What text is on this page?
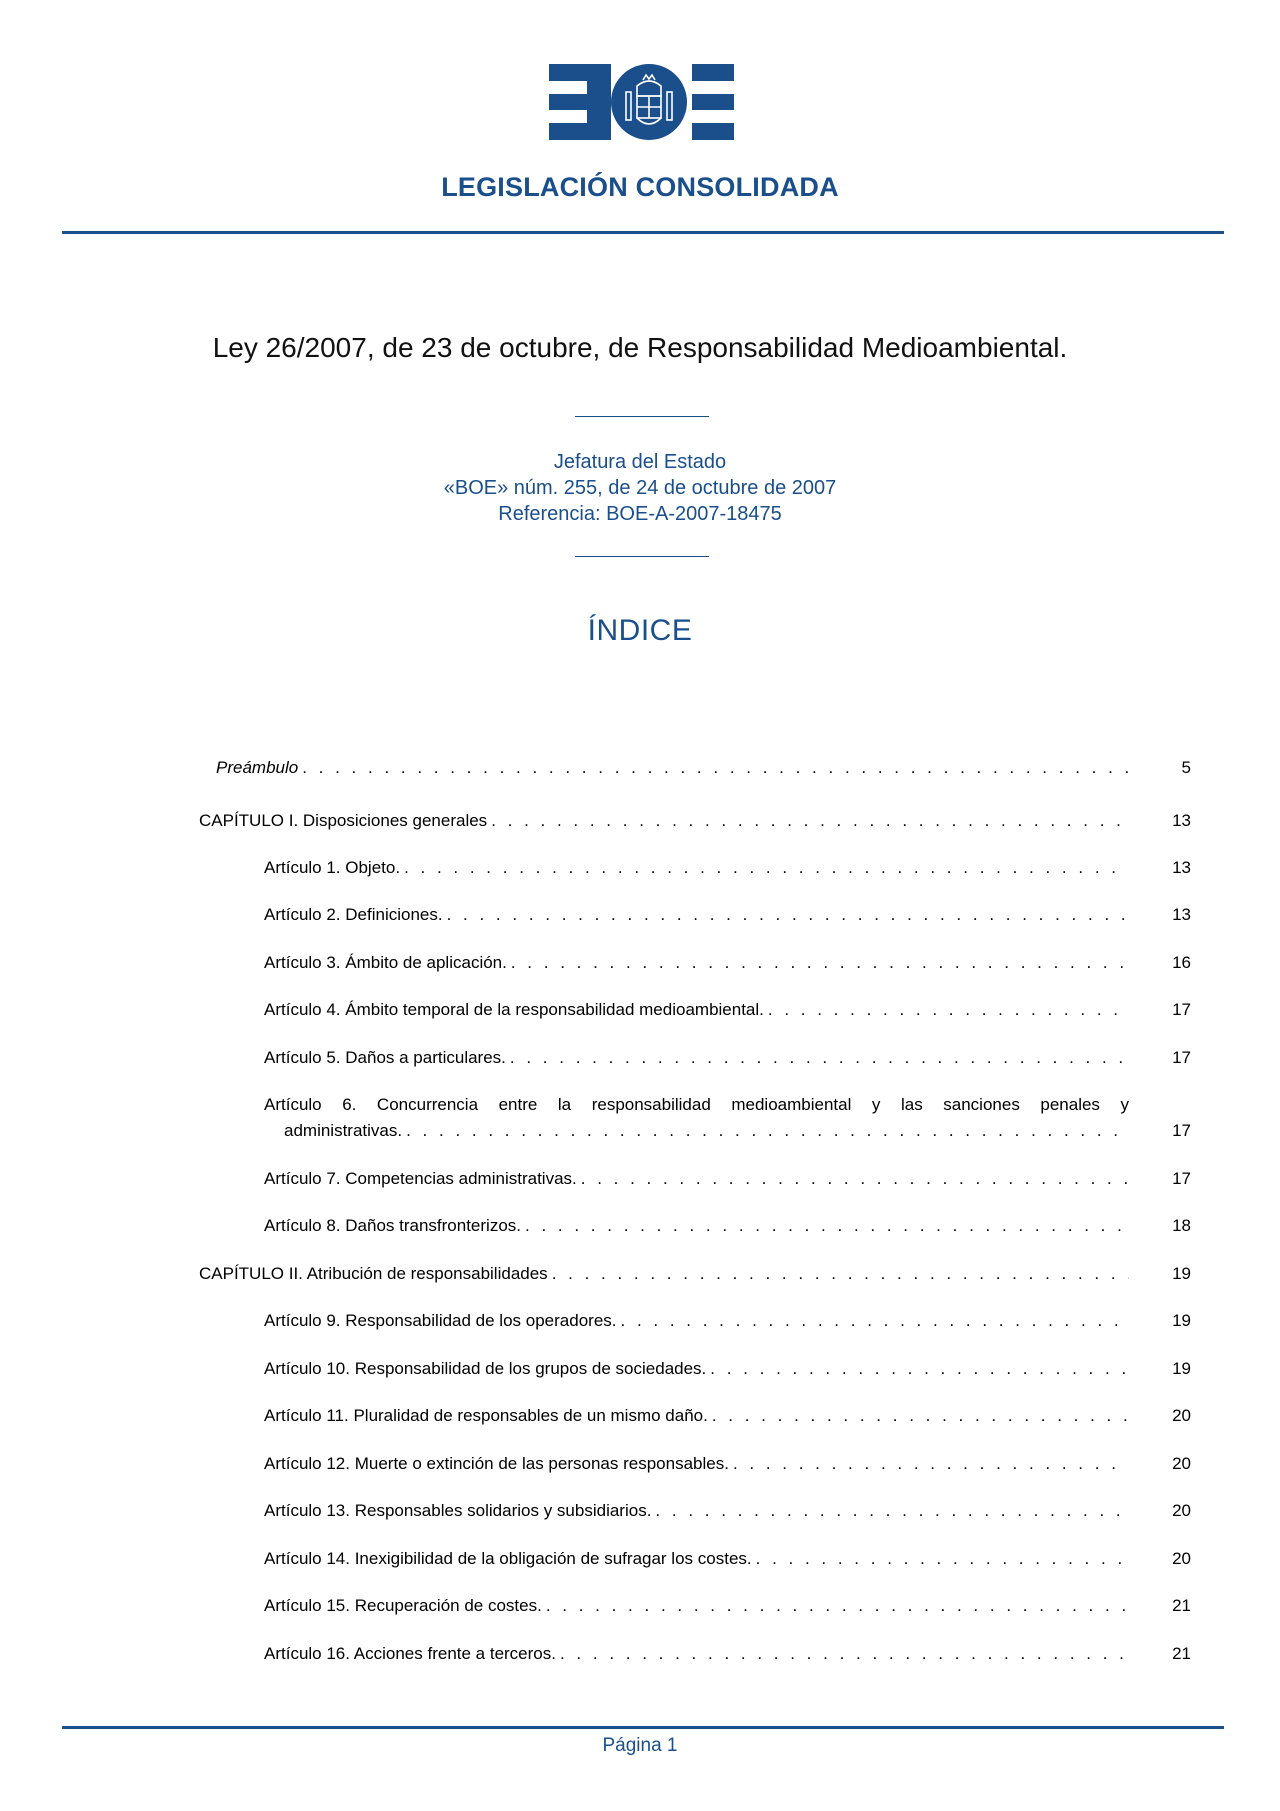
LEGISLACIÓN CONSOLIDADA
Ley 26/2007, de 23 de octubre, de Responsabilidad Medioambiental.
Jefatura del Estado
«BOE» núm. 255, de 24 de octubre de 2007
Referencia: BOE-A-2007-18475
ÍNDICE
Preámbulo . . .	5
CAPÍTULO I. Disposiciones generales . . .	13
Artículo 1. Objeto. . . .	13
Artículo 2. Definiciones. . . .	13
Artículo 3. Ámbito de aplicación. . . .	16
Artículo 4. Ámbito temporal de la responsabilidad medioambiental. . . .	17
Artículo 5. Daños a particulares. . . .	17
Artículo 6. Concurrencia entre la responsabilidad medioambiental y las sanciones penales y
administrativas. . . .	17
Artículo 7. Competencias administrativas. . . .	17
Artículo 8. Daños transfronterizos. . . .	18
CAPÍTULO II. Atribución de responsabilidades . . .	19
Artículo 9. Responsabilidad de los operadores. . . .	19
Artículo 10. Responsabilidad de los grupos de sociedades. . . .	19
Artículo 11. Pluralidad de responsables de un mismo daño. . . .	20
Artículo 12. Muerte o extinción de las personas responsables. . . .	20
Artículo 13. Responsables solidarios y subsidiarios. . . .	20
Artículo 14. Inexigibilidad de la obligación de sufragar los costes. . . .	20
Artículo 15. Recuperación de costes. . . .	21
Artículo 16. Acciones frente a terceros. . . .	21
Página 1
